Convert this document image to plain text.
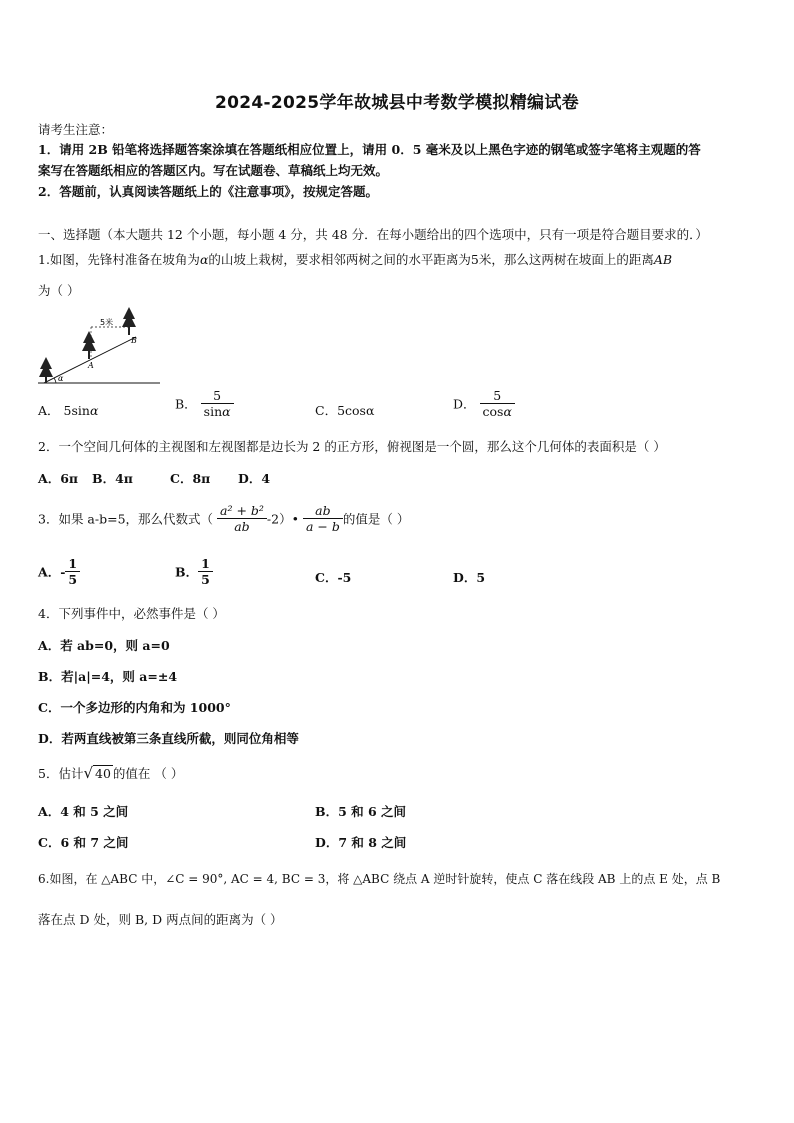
2024-2025学年故城县中考数学模拟精编试卷
请考生注意：
1．请用 2B 铅笔将选择题答案涂填在答题纸相应位置上，请用 0．5 毫米及以上黑色字迹的钢笔或签字笔将主观题的答
案写在答题纸相应的答题区内。写在试题卷、草稿纸上均无效。
2．答题前，认真阅读答题纸上的《注意事项》，按规定答题。
一、选择题（本大题共 12 个小题，每小题 4 分，共 48 分．在每小题给出的四个选项中，只有一项是符合题目要求的．）
1.如图，先锋村准备在坡角为α的山坡上栽树，要求相邻两树之间的水平距离为5米，那么这两树在坡面上的距离AB
为（ ）
5米
A
B
α
A． 5sinα	B． $\frac{5}{\sin\alpha}$	C．5cosα	D． $\frac{5}{\cos\alpha}$
2．一个空间几何体的主视图和左视图都是边长为 2 的正方形，俯视图是一个圆，那么这个几何体的表面积是（ ）
A．6π B．4π	C．8π D．4
3．如果 a-b=5，那么代数式（ $\frac{\text{a² + b²}}{ab}$ -2）• $\frac{ab}{a - b}$ 的值是（ ）
A．- $\frac{1}{5}$	B． $\frac{1}{5}$	C．-5	D．5
4．下列事件中，必然事件是（ ）
A．若 ab=0，则 a=0
B．若|a|=4，则 a=±4
C．一个多边形的内角和为 1000°
D．若两直线被第三条直线所截，则同位角相等
5．估计√ 40 的值在 （ ）
A．4 和 5 之间	B．5 和 6 之间
C．6 和 7 之间	D．7 和 8 之间
6.如图，在 △ABC 中，∠C = 90°, AC = 4, BC = 3，将 △ABC 绕点 A 逆时针旋转，使点 C 落在线段 AB 上的点 E 处，点 B
落在点 D 处，则 B, D 两点间的距离为（ ）
